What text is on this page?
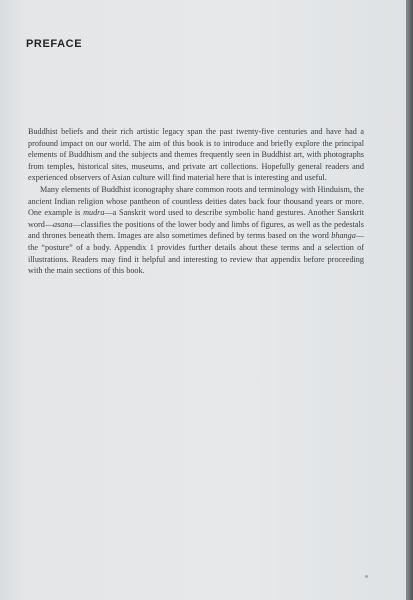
PREFACE

Buddhist beliefs and their rich artistic legacy span the past twenty-five centuries and have had a profound impact on our world. The aim of this book is to introduce and briefly explore the principal elements of Buddhism and the subjects and themes frequently seen in Buddhist art, with photographs from temples, historical sites, museums, and private art collections. Hopefully general readers and experienced observers of Asian culture will find material here that is interesting and useful.

Many elements of Buddhist iconography share common roots and terminology with Hinduism, the ancient Indian religion whose pantheon of countless deities dates back four thousand years or more. One example is mudra—a Sanskrit word used to describe symbolic hand gestures. Another Sanskrit word—asana—classifies the positions of the lower body and limbs of figures, as well as the pedestals and thrones beneath them. Images are also sometimes defined by terms based on the word bhanga—the “posture” of a body. Appendix 1 provides further details about these terms and a selection of illustrations. Readers may find it helpful and interesting to review that appendix before proceeding with the main sections of this book.
